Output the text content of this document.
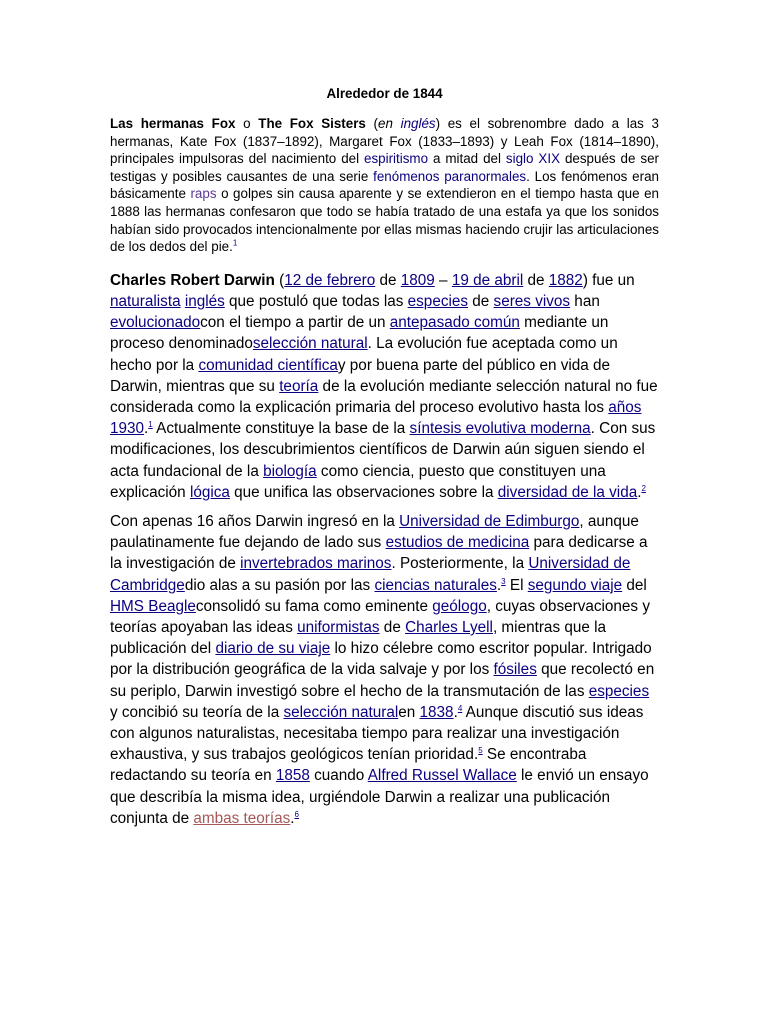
Alrededor de 1844

Las hermanas Fox o The Fox Sisters (en inglés) es el sobrenombre dado a las 3 hermanas, Kate Fox (1837–1892), Margaret Fox (1833–1893) y Leah Fox (1814–1890), principales impulsoras del nacimiento del espiritismo a mitad del siglo XIX después de ser testigas y posibles causantes de una serie fenómenos paranormales. Los fenómenos eran básicamente raps o golpes sin causa aparente y se extendieron en el tiempo hasta que en 1888 las hermanas confesaron que todo se había tratado de una estafa ya que los sonidos habían sido provocados intencionalmente por ellas mismas haciendo crujir las articulaciones de los dedos del pie.$^1$

Charles Robert Darwin (12 de febrero de 1809 – 19 de abril de 1882) fue un naturalista inglés que postuló que todas las especies de seres vivos han evolucionadocon el tiempo a partir de un antepasado común mediante un proceso denominadoselección natural. La evolución fue aceptada como un hecho por la comunidad científicay por buena parte del público en vida de Darwin, mientras que su teoría de la evolución mediante selección natural no fue considerada como la explicación primaria del proceso evolutivo hasta los años 1930.$^1$ Actualmente constituye la base de la síntesis evolutiva moderna. Con sus modificaciones, los descubrimientos científicos de Darwin aún siguen siendo el acta fundacional de la biología como ciencia, puesto que constituyen una explicación lógica que unifica las observaciones sobre la diversidad de la vida.$^2$

Con apenas 16 años Darwin ingresó en la Universidad de Edimburgo, aunque paulatinamente fue dejando de lado sus estudios de medicina para dedicarse a la investigación de invertebrados marinos. Posteriormente, la Universidad de Cambridgedio alas a su pasión por las ciencias naturales.$^3$ El segundo viaje del HMS Beagleconsolidó su fama como eminente geólogo, cuyas observaciones y teorías apoyaban las ideas uniformistas de Charles Lyell, mientras que la publicación del diario de su viaje lo hizo célebre como escritor popular. Intrigado por la distribución geográfica de la vida salvaje y por los fósiles que recolectó en su periplo, Darwin investigó sobre el hecho de la transmutación de las especies y concibió su teoría de la selección naturalen 1838.$^4$ Aunque discutió sus ideas con algunos naturalistas, necesitaba tiempo para realizar una investigación exhaustiva, y sus trabajos geológicos tenían prioridad.$^5$ Se encontraba redactando su teoría en 1858 cuando Alfred Russel Wallace le envió un ensayo que describía la misma idea, urgiéndole Darwin a realizar una publicación conjunta de ambas teorías.$^6$
